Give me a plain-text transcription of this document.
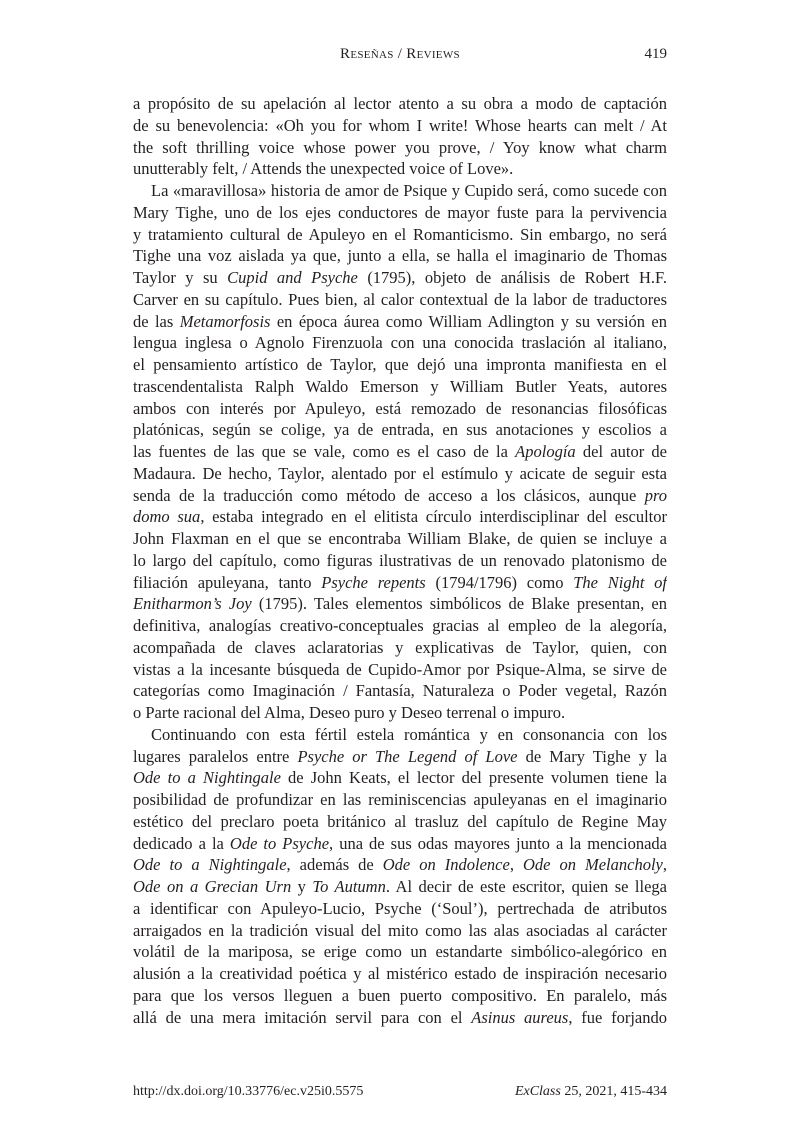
Reseñas / Reviews	419
a propósito de su apelación al lector atento a su obra a modo de captación
de su benevolencia: «Oh you for whom I write! Whose hearts can melt / At
the soft thrilling voice whose power you prove, / Yoy know what charm
unutterably felt, / Attends the unexpected voice of Love».
La «maravillosa» historia de amor de Psique y Cupido será, como sucede con
Mary Tighe, uno de los ejes conductores de mayor fuste para la pervivencia
y tratamiento cultural de Apuleyo en el Romanticismo. Sin embargo, no será
Tighe una voz aislada ya que, junto a ella, se halla el imaginario de Thomas
Taylor y su Cupid and Psyche (1795), objeto de análisis de Robert H.F.
Carver en su capítulo. Pues bien, al calor contextual de la labor de traductores
de las Metamorfosis en época áurea como William Adlington y su versión en
lengua inglesa o Agnolo Firenzuola con una conocida traslación al italiano,
el pensamiento artístico de Taylor, que dejó una impronta manifiesta en el
trascendentalista Ralph Waldo Emerson y William Butler Yeats, autores
ambos con interés por Apuleyo, está remozado de resonancias filosóficas
platónicas, según se colige, ya de entrada, en sus anotaciones y escolios a
las fuentes de las que se vale, como es el caso de la Apología del autor de
Madaura. De hecho, Taylor, alentado por el estímulo y acicate de seguir esta
senda de la traducción como método de acceso a los clásicos, aunque pro
domo sua, estaba integrado en el elitista círculo interdisciplinar del escultor
John Flaxman en el que se encontraba William Blake, de quien se incluye a
lo largo del capítulo, como figuras ilustrativas de un renovado platonismo de
filiación apuleyana, tanto Psyche repents (1794/1796) como The Night of
Enitharmon’s Joy (1795). Tales elementos simbólicos de Blake presentan, en
definitiva, analogías creativo-conceptuales gracias al empleo de la alegoría,
acompañada de claves aclaratorias y explicativas de Taylor, quien, con
vistas a la incesante búsqueda de Cupido-Amor por Psique-Alma, se sirve de
categorías como Imaginación / Fantasía, Naturaleza o Poder vegetal, Razón
o Parte racional del Alma, Deseo puro y Deseo terrenal o impuro.
Continuando con esta fértil estela romántica y en consonancia con los
lugares paralelos entre Psyche or The Legend of Love de Mary Tighe y la
Ode to a Nightingale de John Keats, el lector del presente volumen tiene la
posibilidad de profundizar en las reminiscencias apuleyanas en el imaginario
estético del preclaro poeta británico al trasluz del capítulo de Regine May
dedicado a la Ode to Psyche, una de sus odas mayores junto a la mencionada
Ode to a Nightingale, además de Ode on Indolence, Ode on Melancholy,
Ode on a Grecian Urn y To Autumn. Al decir de este escritor, quien se llega
a identificar con Apuleyo-Lucio, Psyche (‘Soul’), pertrechada de atributos
arraigados en la tradición visual del mito como las alas asociadas al carácter
volátil de la mariposa, se erige como un estandarte simbólico-alegórico en
alusión a la creatividad poética y al mistérico estado de inspiración necesario
para que los versos lleguen a buen puerto compositivo. En paralelo, más
allá de una mera imitación servil para con el Asinus aureus, fue forjando
http://dx.doi.org/10.33776/ec.v25i0.5575	ExClass 25, 2021, 415-434
